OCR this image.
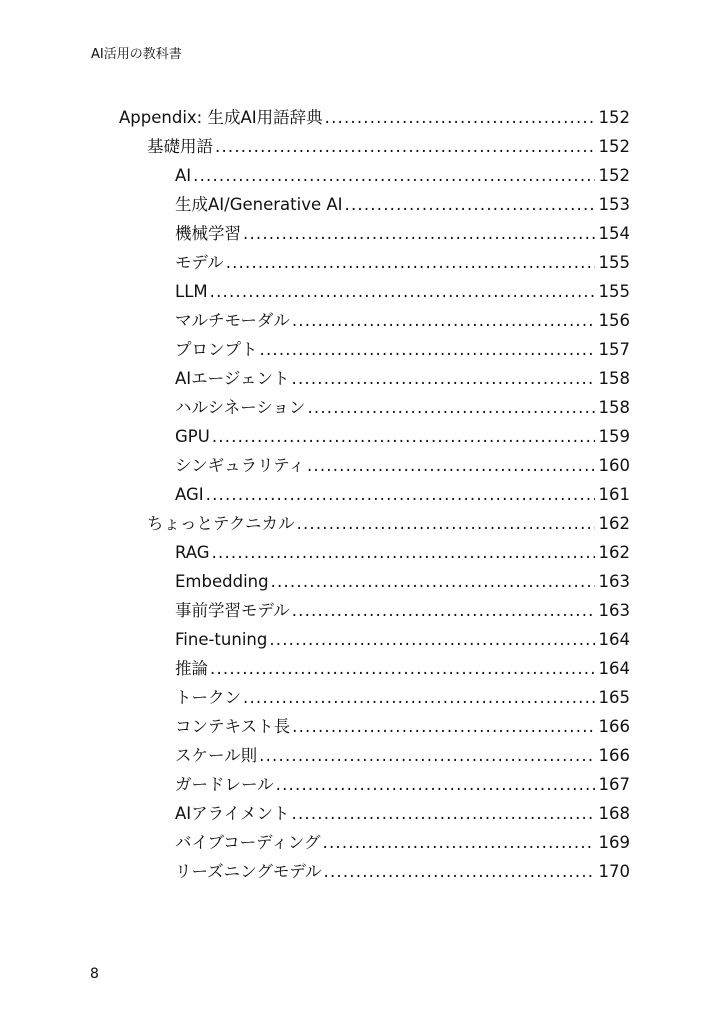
AI活用の教科書
Appendix: 生成AI用語辞典 .....	152
基礎用語 .....	152
AI .....	152
生成AI/Generative AI .....	153
機械学習 .....	154
モデル .....	155
LLM .....	155
マルチモーダル .....	156
プロンプト .....	157
AIエージェント .....	158
ハルシネーション .....	158
GPU .....	159
シンギュラリティ .....	160
AGI .....	161
ちょっとテクニカル .....	162
RAG .....	162
Embedding .....	163
事前学習モデル .....	163
Fine-tuning .....	164
推論 .....	164
トークン .....	165
コンテキスト長 .....	166
スケール則 .....	166
ガードレール .....	167
AIアライメント .....	168
バイブコーディング .....	169
リーズニングモデル .....	170
8
